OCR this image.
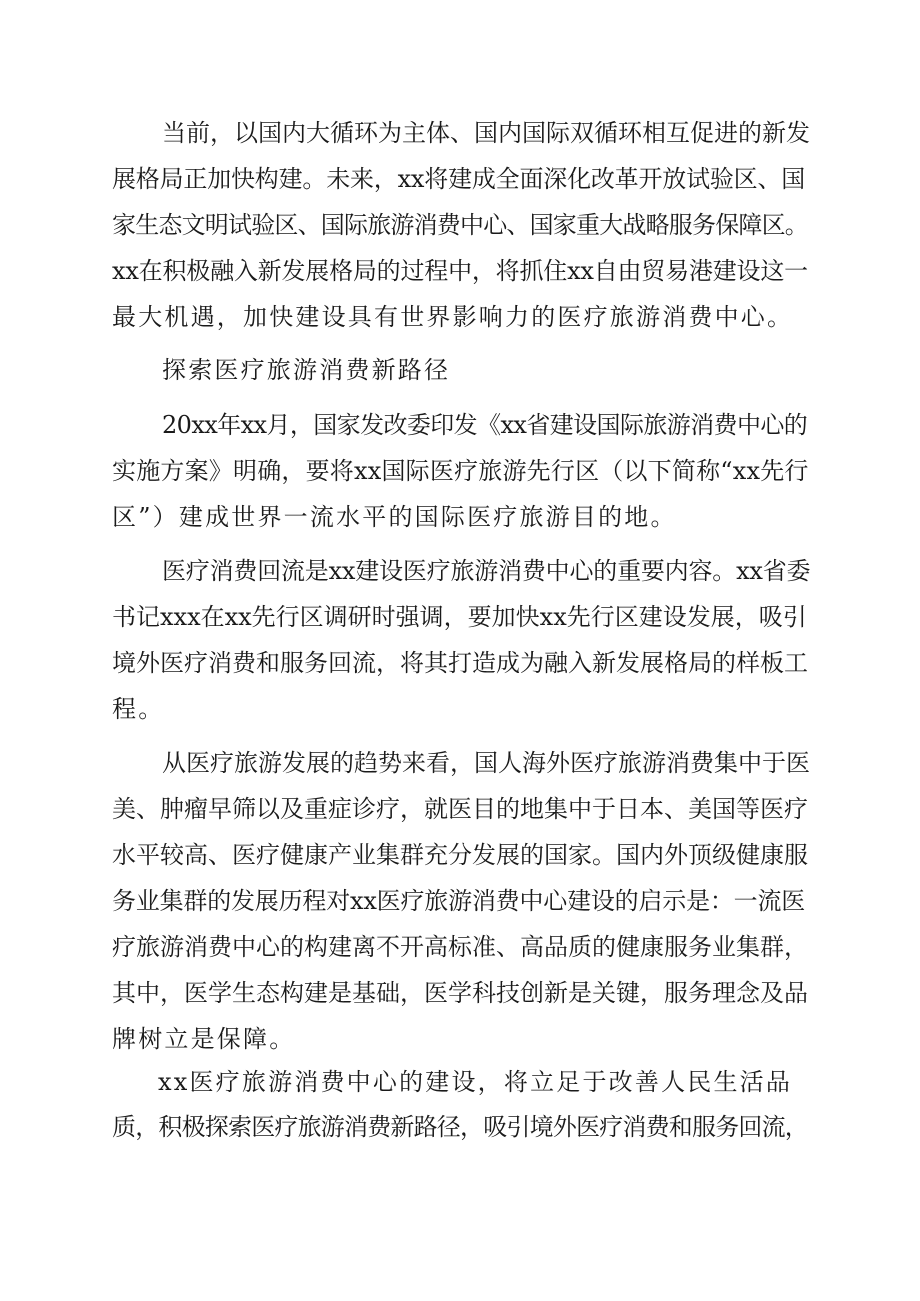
当前，以国内大循环为主体、国内国际双循环相互促进的新发

展格局正加快构建。未来，xx将建成全面深化改革开放试验区、国

家生态文明试验区、国际旅游消费中心、国家重大战略服务保障区。

xx在积极融入新发展格局的过程中，将抓住xx自由贸易港建设这一

最大机遇，加快建设具有世界影响力的医疗旅游消费中心。

探索医疗旅游消费新路径

20xx年xx月，国家发改委印发《xx省建设国际旅游消费中心的

实施方案》明确，要将xx国际医疗旅游先行区（以下简称“xx先行

区”）建成世界一流水平的国际医疗旅游目的地。

医疗消费回流是xx建设医疗旅游消费中心的重要内容。xx省委

书记xxx在xx先行区调研时强调，要加快xx先行区建设发展，吸引

境外医疗消费和服务回流，将其打造成为融入新发展格局的样板工

程。

从医疗旅游发展的趋势来看，国人海外医疗旅游消费集中于医

美、肿瘤早筛以及重症诊疗，就医目的地集中于日本、美国等医疗

水平较高、医疗健康产业集群充分发展的国家。国内外顶级健康服

务业集群的发展历程对xx医疗旅游消费中心建设的启示是：一流医

疗旅游消费中心的构建离不开高标准、高品质的健康服务业集群，

其中，医学生态构建是基础，医学科技创新是关键，服务理念及品

牌树立是保障。

xx医疗旅游消费中心的建设，将立足于改善人民生活品

质，积极探索医疗旅游消费新路径，吸引境外医疗消费和服务回流，
